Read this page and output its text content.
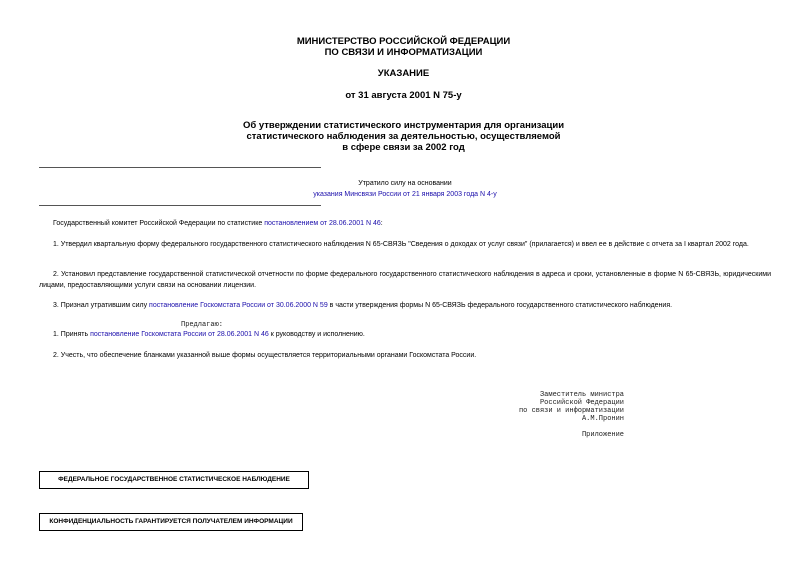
МИНИСТЕРСТВО РОССИЙСКОЙ ФЕДЕРАЦИИ
ПО СВЯЗИ И ИНФОРМАТИЗАЦИИ
УКАЗАНИЕ
от 31 августа 2001 N 75-у
Об утверждении статистического инструментария для организации
статистического наблюдения за деятельностью, осуществляемой
в сфере связи за 2002 год
Утратило силу на основании
указания Минсвязи России от 21 января 2003 года N 4-у
Государственный комитет Российской Федерации по статистике постановлением от 28.06.2001 N 46:
1. Утвердил квартальную форму федерального государственного статистического наблюдения N 65-СВЯЗЬ "Сведения о доходах от услуг связи" (прилагается) и ввел ее в действие с отчета за I квартал 2002 года.
2. Установил представление государственной статистической отчетности по форме федерального государственного статистического наблюдения в адреса и сроки, установленные в форме N 65-СВЯЗЬ, юридическими лицами, предоставляющими услуги связи на основании лицензии.
3. Признал утратившим силу постановление Госкомстата России от 30.06.2000 N 59 в части утверждения формы N 65-СВЯЗЬ федерального государственного статистического наблюдения.
Предлагаю:
1. Принять постановление Госкомстата России от 28.06.2001 N 46 к руководству и исполнению.
2. Учесть, что обеспечение бланками указанной выше формы осуществляется территориальными органами Госкомстата России.
Заместитель министра
Российской Федерации
по связи и информатизации
А.М.Пронин
Приложение
ФЕДЕРАЛЬНОЕ ГОСУДАРСТВЕННОЕ СТАТИСТИЧЕСКОЕ НАБЛЮДЕНИЕ
КОНФИДЕНЦИАЛЬНОСТЬ ГАРАНТИРУЕТСЯ ПОЛУЧАТЕЛЕМ ИНФОРМАЦИИ
